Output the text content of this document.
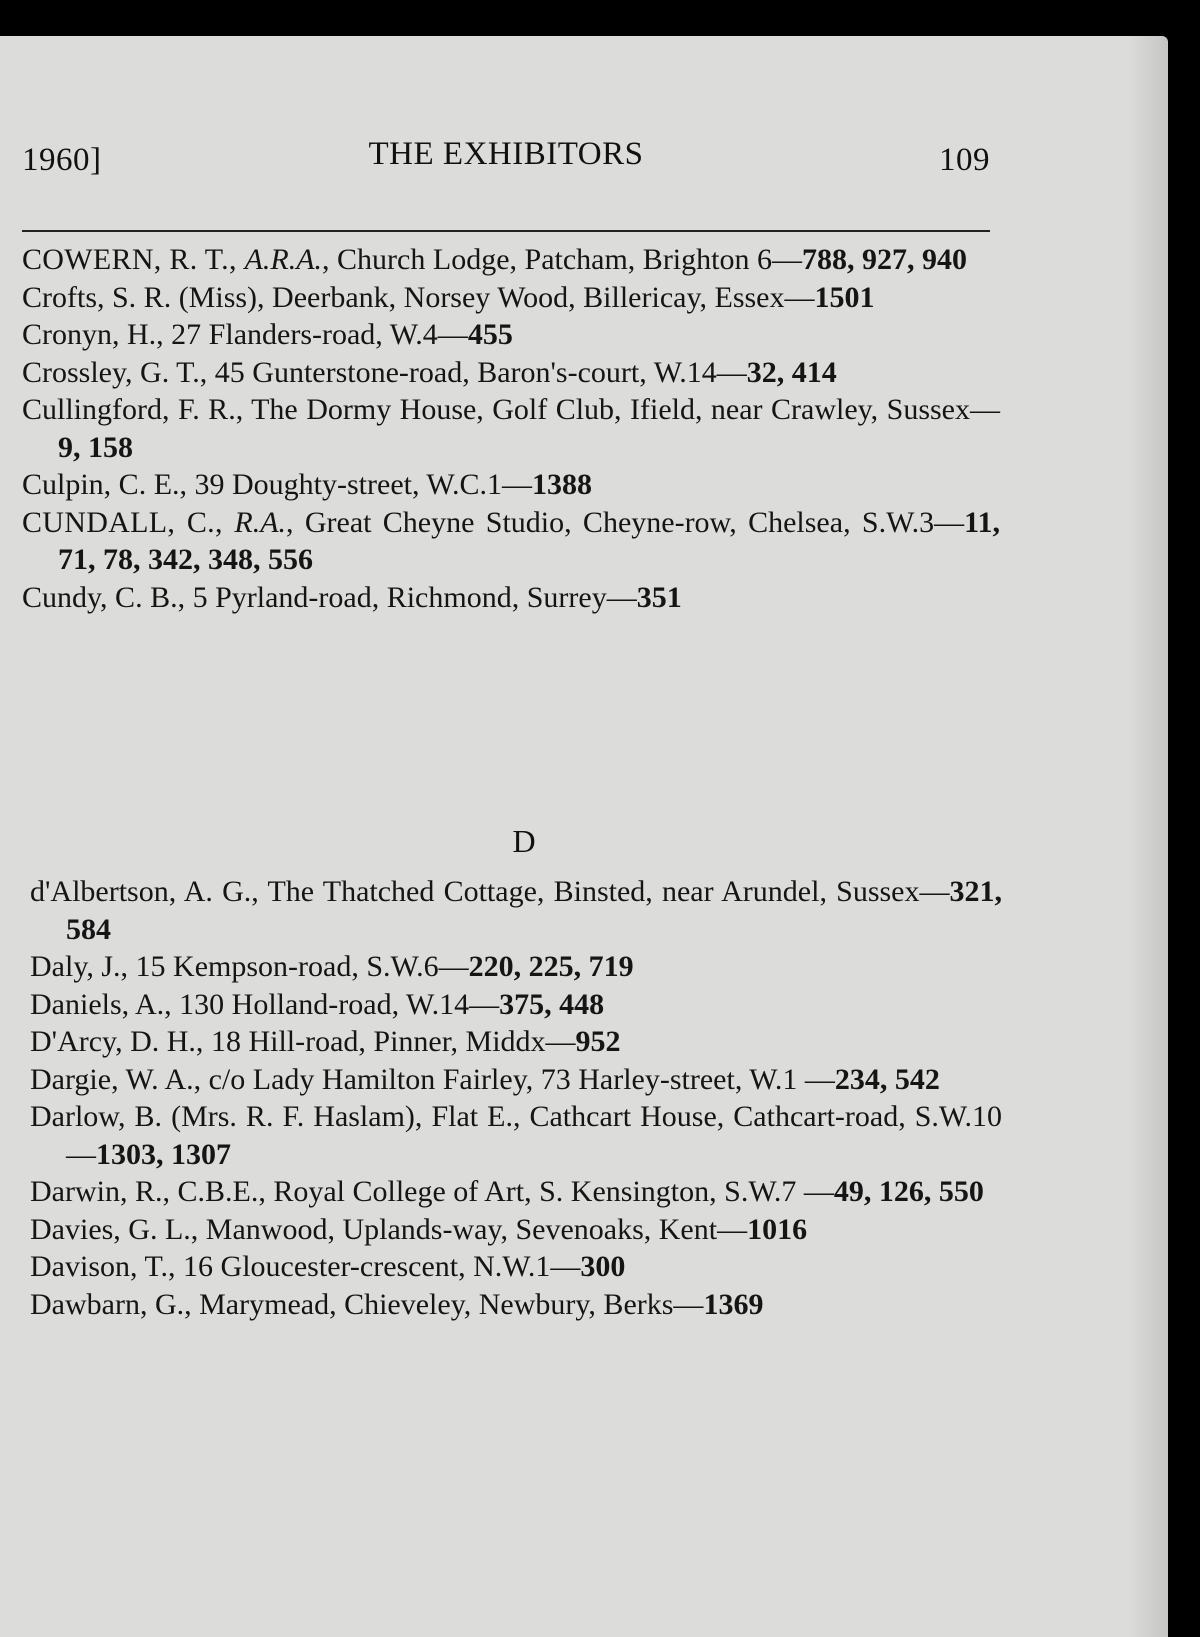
1960]	THE EXHIBITORS	109
COWERN, R. T., A.R.A., Church Lodge, Patcham, Brighton 6—788, 927, 940
Crofts, S. R. (Miss), Deerbank, Norsey Wood, Billericay, Essex—1501
Cronyn, H., 27 Flanders-road, W.4—455
Crossley, G. T., 45 Gunterstone-road, Baron's-court, W.14—32, 414
Cullingford, F. R., The Dormy House, Golf Club, Ifield, near Crawley, Sussex—9, 158
Culpin, C. E., 39 Doughty-street, W.C.1—1388
CUNDALL, C., R.A., Great Cheyne Studio, Cheyne-row, Chelsea, S.W.3—11, 71, 78, 342, 348, 556
Cundy, C. B., 5 Pyrland-road, Richmond, Surrey—351
D
d'Albertson, A. G., The Thatched Cottage, Binsted, near Arundel, Sussex—321, 584
Daly, J., 15 Kempson-road, S.W.6—220, 225, 719
Daniels, A., 130 Holland-road, W.14—375, 448
D'Arcy, D. H., 18 Hill-road, Pinner, Middx—952
Dargie, W. A., c/o Lady Hamilton Fairley, 73 Harley-street, W.1 —234, 542
Darlow, B. (Mrs. R. F. Haslam), Flat E., Cathcart House, Cathcart-road, S.W.10—1303, 1307
Darwin, R., C.B.E., Royal College of Art, S. Kensington, S.W.7 —49, 126, 550
Davies, G. L., Manwood, Uplands-way, Sevenoaks, Kent—1016
Davison, T., 16 Gloucester-crescent, N.W.1—300
Dawbarn, G., Marymead, Chieveley, Newbury, Berks—1369
